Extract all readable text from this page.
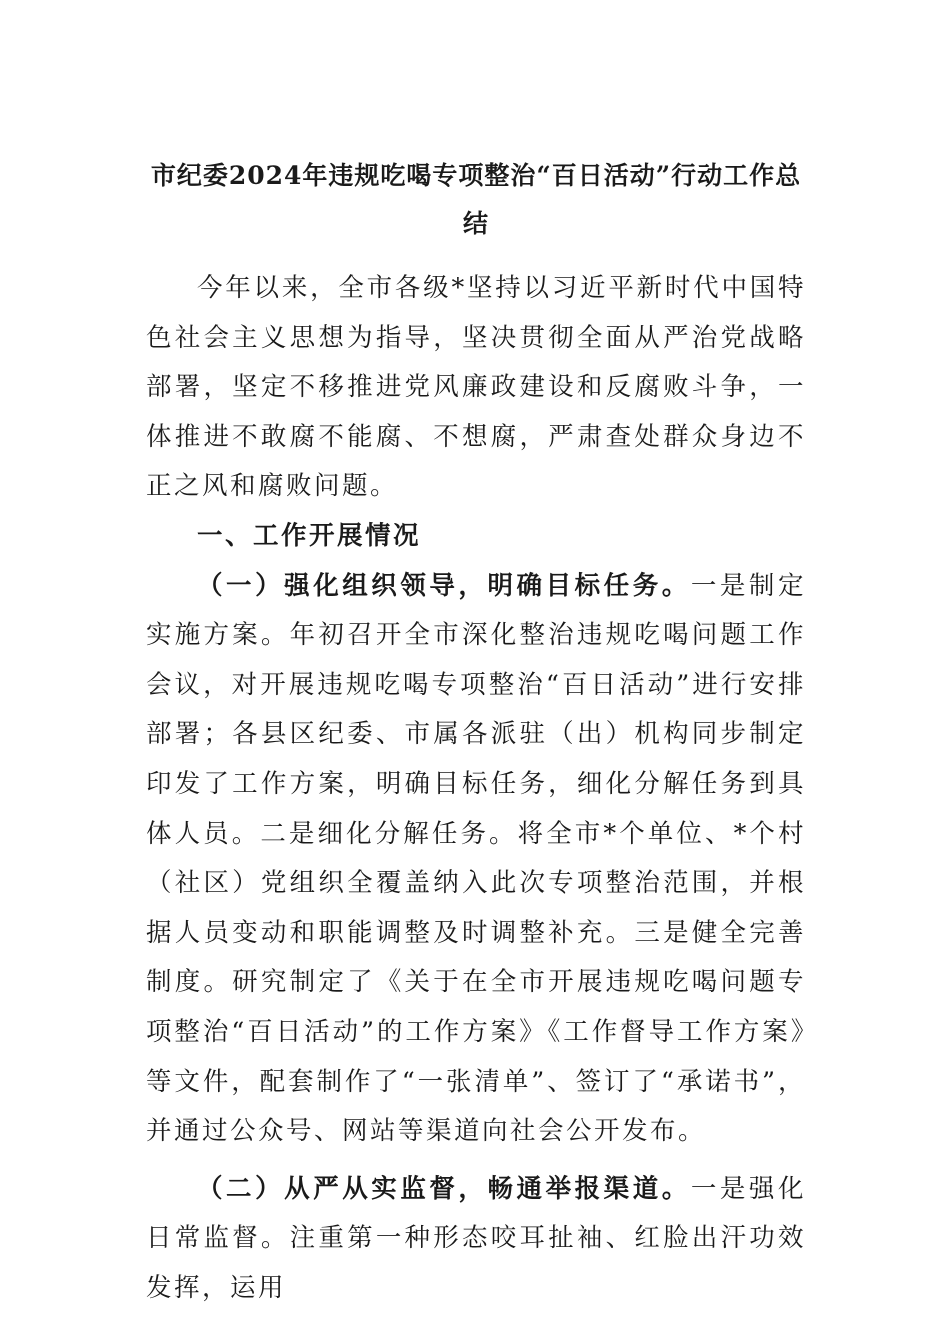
市纪委2024年违规吃喝专项整治“百日活动”行动工作总结

今年以来，全市各级*坚持以习近平新时代中国特色社会主义思想为指导，坚决贯彻全面从严治党战略部署，坚定不移推进党风廉政建设和反腐败斗争，一体推进不敢腐不能腐、不想腐，严肃查处群众身边不正之风和腐败问题。

一、工作开展情况

（一）强化组织领导，明确目标任务。一是制定实施方案。年初召开全市深化整治违规吃喝问题工作会议，对开展违规吃喝专项整治“百日活动”进行安排部署；各县区纪委、市属各派驻（出）机构同步制定印发了工作方案，明确目标任务，细化分解任务到具体人员。二是细化分解任务。将全市*个单位、*个村（社区）党组织全覆盖纳入此次专项整治范围，并根据人员变动和职能调整及时调整补充。三是健全完善制度。研究制定了《关于在全市开展违规吃喝问题专项整治“百日活动”的工作方案》《工作督导工作方案》等文件，配套制作了“一张清单”、签订了“承诺书”，并通过公众号、网站等渠道向社会公开发布。

（二）从严从实监督，畅通举报渠道。一是强化日常监督。注重第一种形态咬耳扯袖、红脸出汗功效发挥，运用
